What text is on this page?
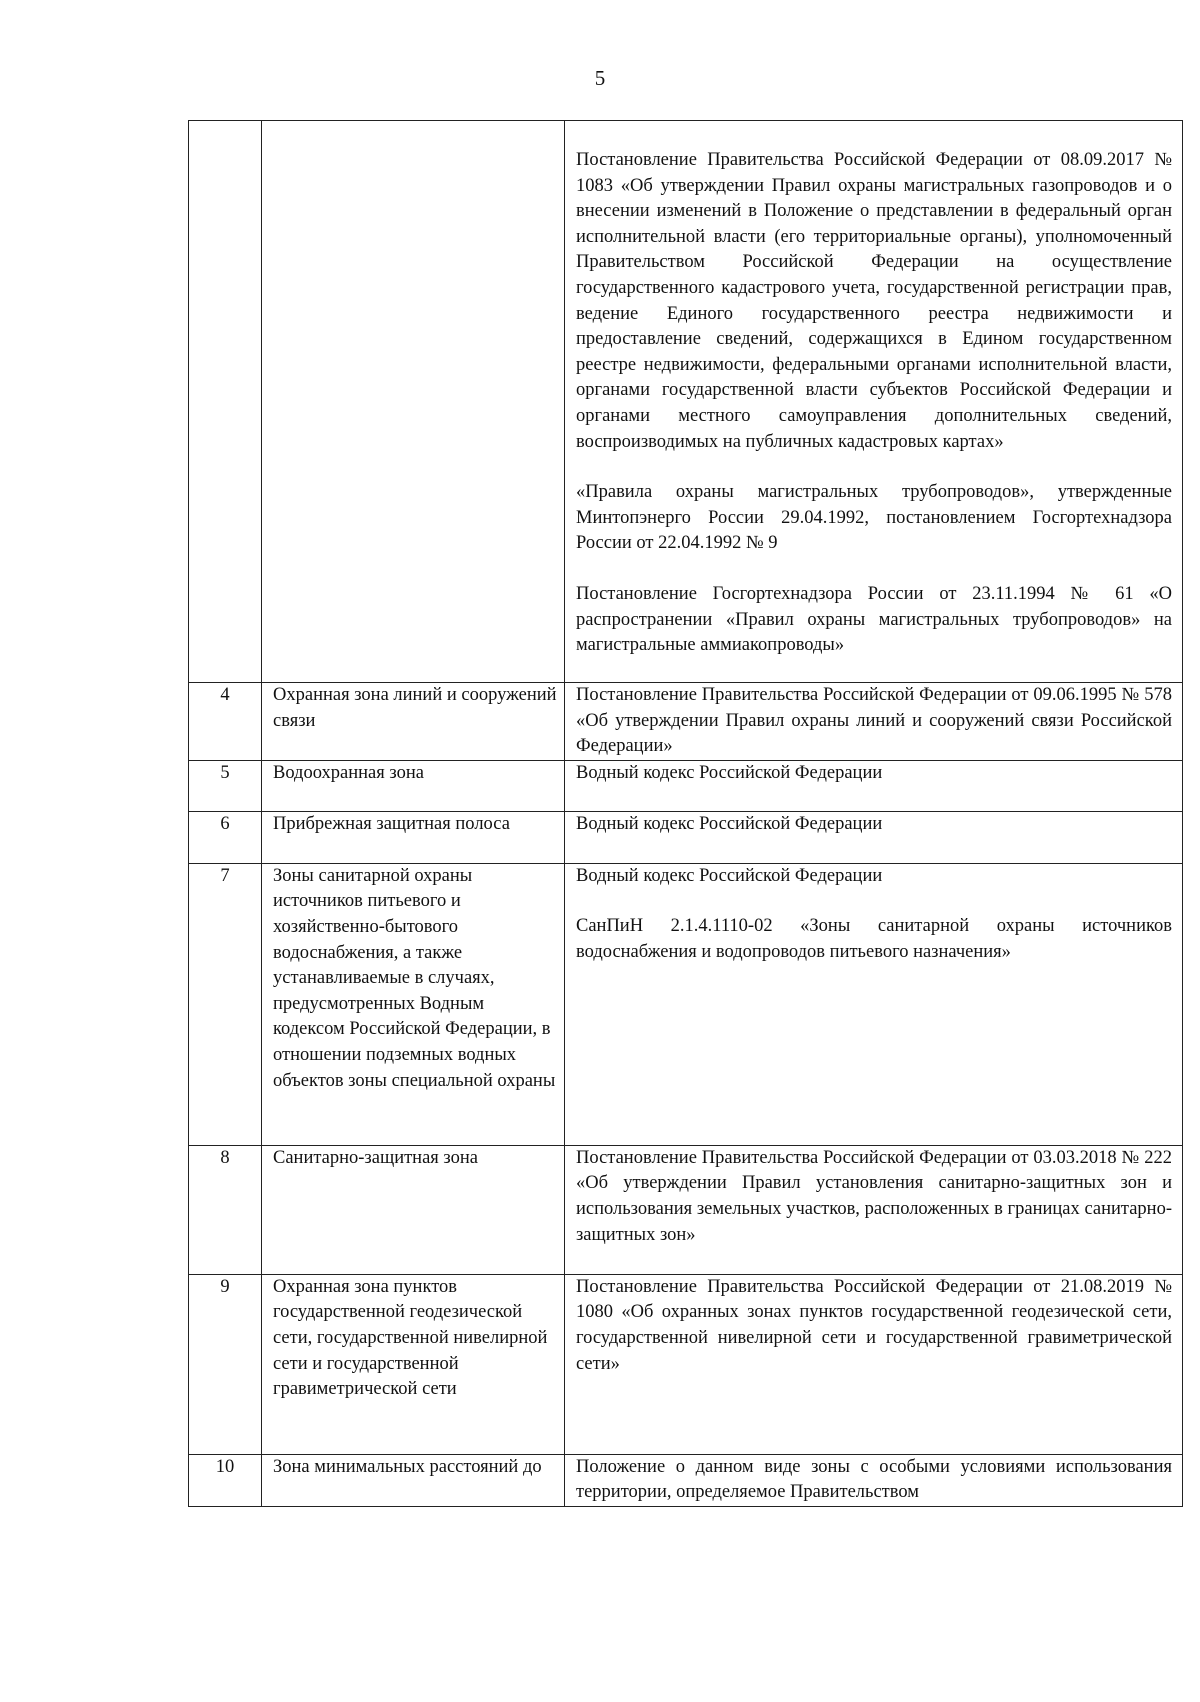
5

		Постановление Правительства Российской Федерации от 08.09.2017 № 1083 «Об утверждении Правил охраны магистральных газопроводов и о внесении изменений в Положение о представлении в федеральный орган исполнительной власти (его территориальные органы), уполномоченный Правительством Российской Федерации на осуществление государственного кадастрового учета, государственной регистрации прав, ведение Единого государственного реестра недвижимости и предоставление сведений, содержащихся в Едином государственном реестре недвижимости, федеральными органами исполнительной власти, органами государственной власти субъектов Российской Федерации и органами местного самоуправления дополнительных сведений, воспроизводимых на публичных кадастровых картах»

«Правила охраны магистральных трубопроводов», утвержденные Минтопэнерго России 29.04.1992, постановлением Госгортехнадзора России от 22.04.1992 № 9

Постановление Госгортехнадзора России от 23.11.1994 № 61 «О распространении «Правил охраны магистральных трубопроводов» на магистральные аммиакопроводы»

4	Охранная зона линий и сооружений связи	Постановление Правительства Российской Федерации от 09.06.1995 № 578 «Об утверждении Правил охраны линий и сооружений связи Российской Федерации»

5	Водоохранная зона	Водный кодекс Российской Федерации

6	Прибрежная защитная полоса	Водный кодекс Российской Федерации

7	Зоны санитарной охраны источников питьевого и хозяйственно-бытового водоснабжения, а также устанавливаемые в случаях, предусмотренных Водным кодексом Российской Федерации, в отношении подземных водных объектов зоны специальной охраны	Водный кодекс Российской Федерации

СанПиН 2.1.4.1110-02 «Зоны санитарной охраны источников водоснабжения и водопроводов питьевого назначения»

8	Санитарно-защитная зона	Постановление Правительства Российской Федерации от 03.03.2018 № 222 «Об утверждении Правил установления санитарно-защитных зон и использования земельных участков, расположенных в границах санитарно-защитных зон»

9	Охранная зона пунктов государственной геодезической сети, государственной нивелирной сети и государственной гравиметрической сети	Постановление Правительства Российской Федерации от 21.08.2019 № 1080 «Об охранных зонах пунктов государственной геодезической сети, государственной нивелирной сети и государственной гравиметрической сети»

10	Зона минимальных расстояний до	Положение о данном виде зоны с особыми условиями использования территории, определяемое Правительством
